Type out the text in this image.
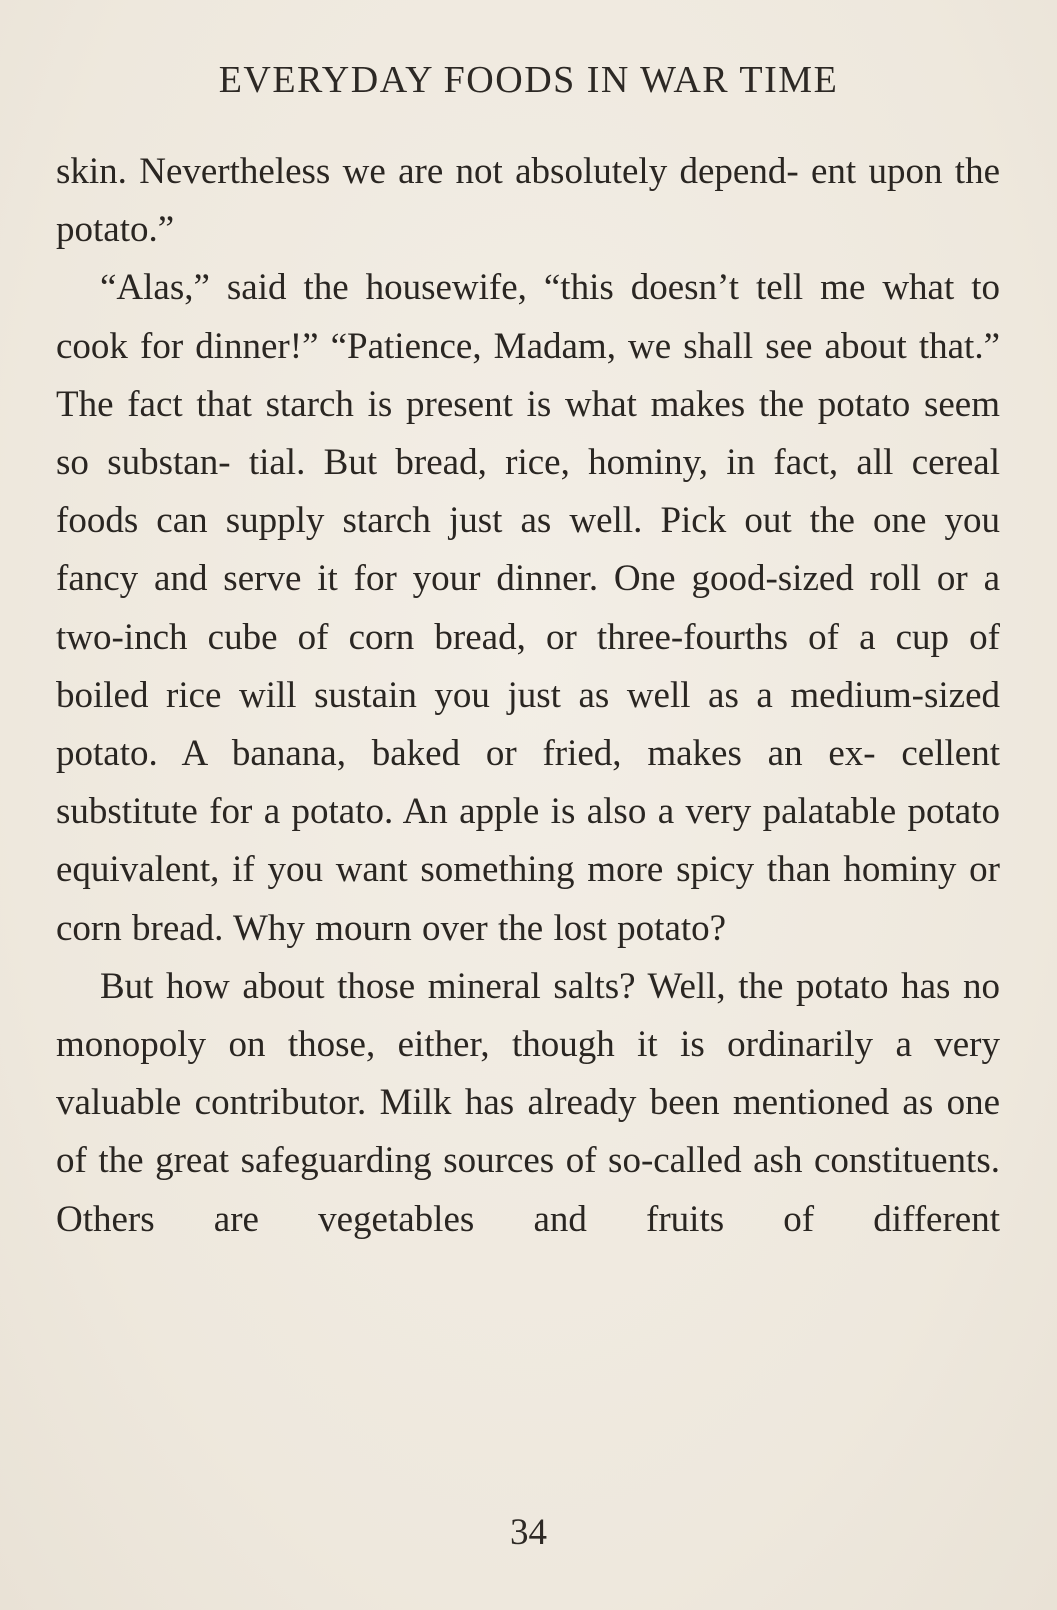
EVERYDAY FOODS IN WAR TIME

skin. Nevertheless we are not absolutely depend- ent upon the potato.”

“Alas,” said the housewife, “this doesn’t tell me what to cook for dinner!” “Patience, Madam, we shall see about that.” The fact that starch is present is what makes the potato seem so substan- tial. But bread, rice, hominy, in fact, all cereal foods can supply starch just as well. Pick out the one you fancy and serve it for your dinner. One good-sized roll or a two-inch cube of corn bread, or three-fourths of a cup of boiled rice will sustain you just as well as a medium-sized potato. A banana, baked or fried, makes an ex- cellent substitute for a potato. An apple is also a very palatable potato equivalent, if you want something more spicy than hominy or corn bread. Why mourn over the lost potato?

But how about those mineral salts? Well, the potato has no monopoly on those, either, though it is ordinarily a very valuable contributor. Milk has already been mentioned as one of the great safeguarding sources of so-called ash constituents. Others are vegetables and fruits of different

34
